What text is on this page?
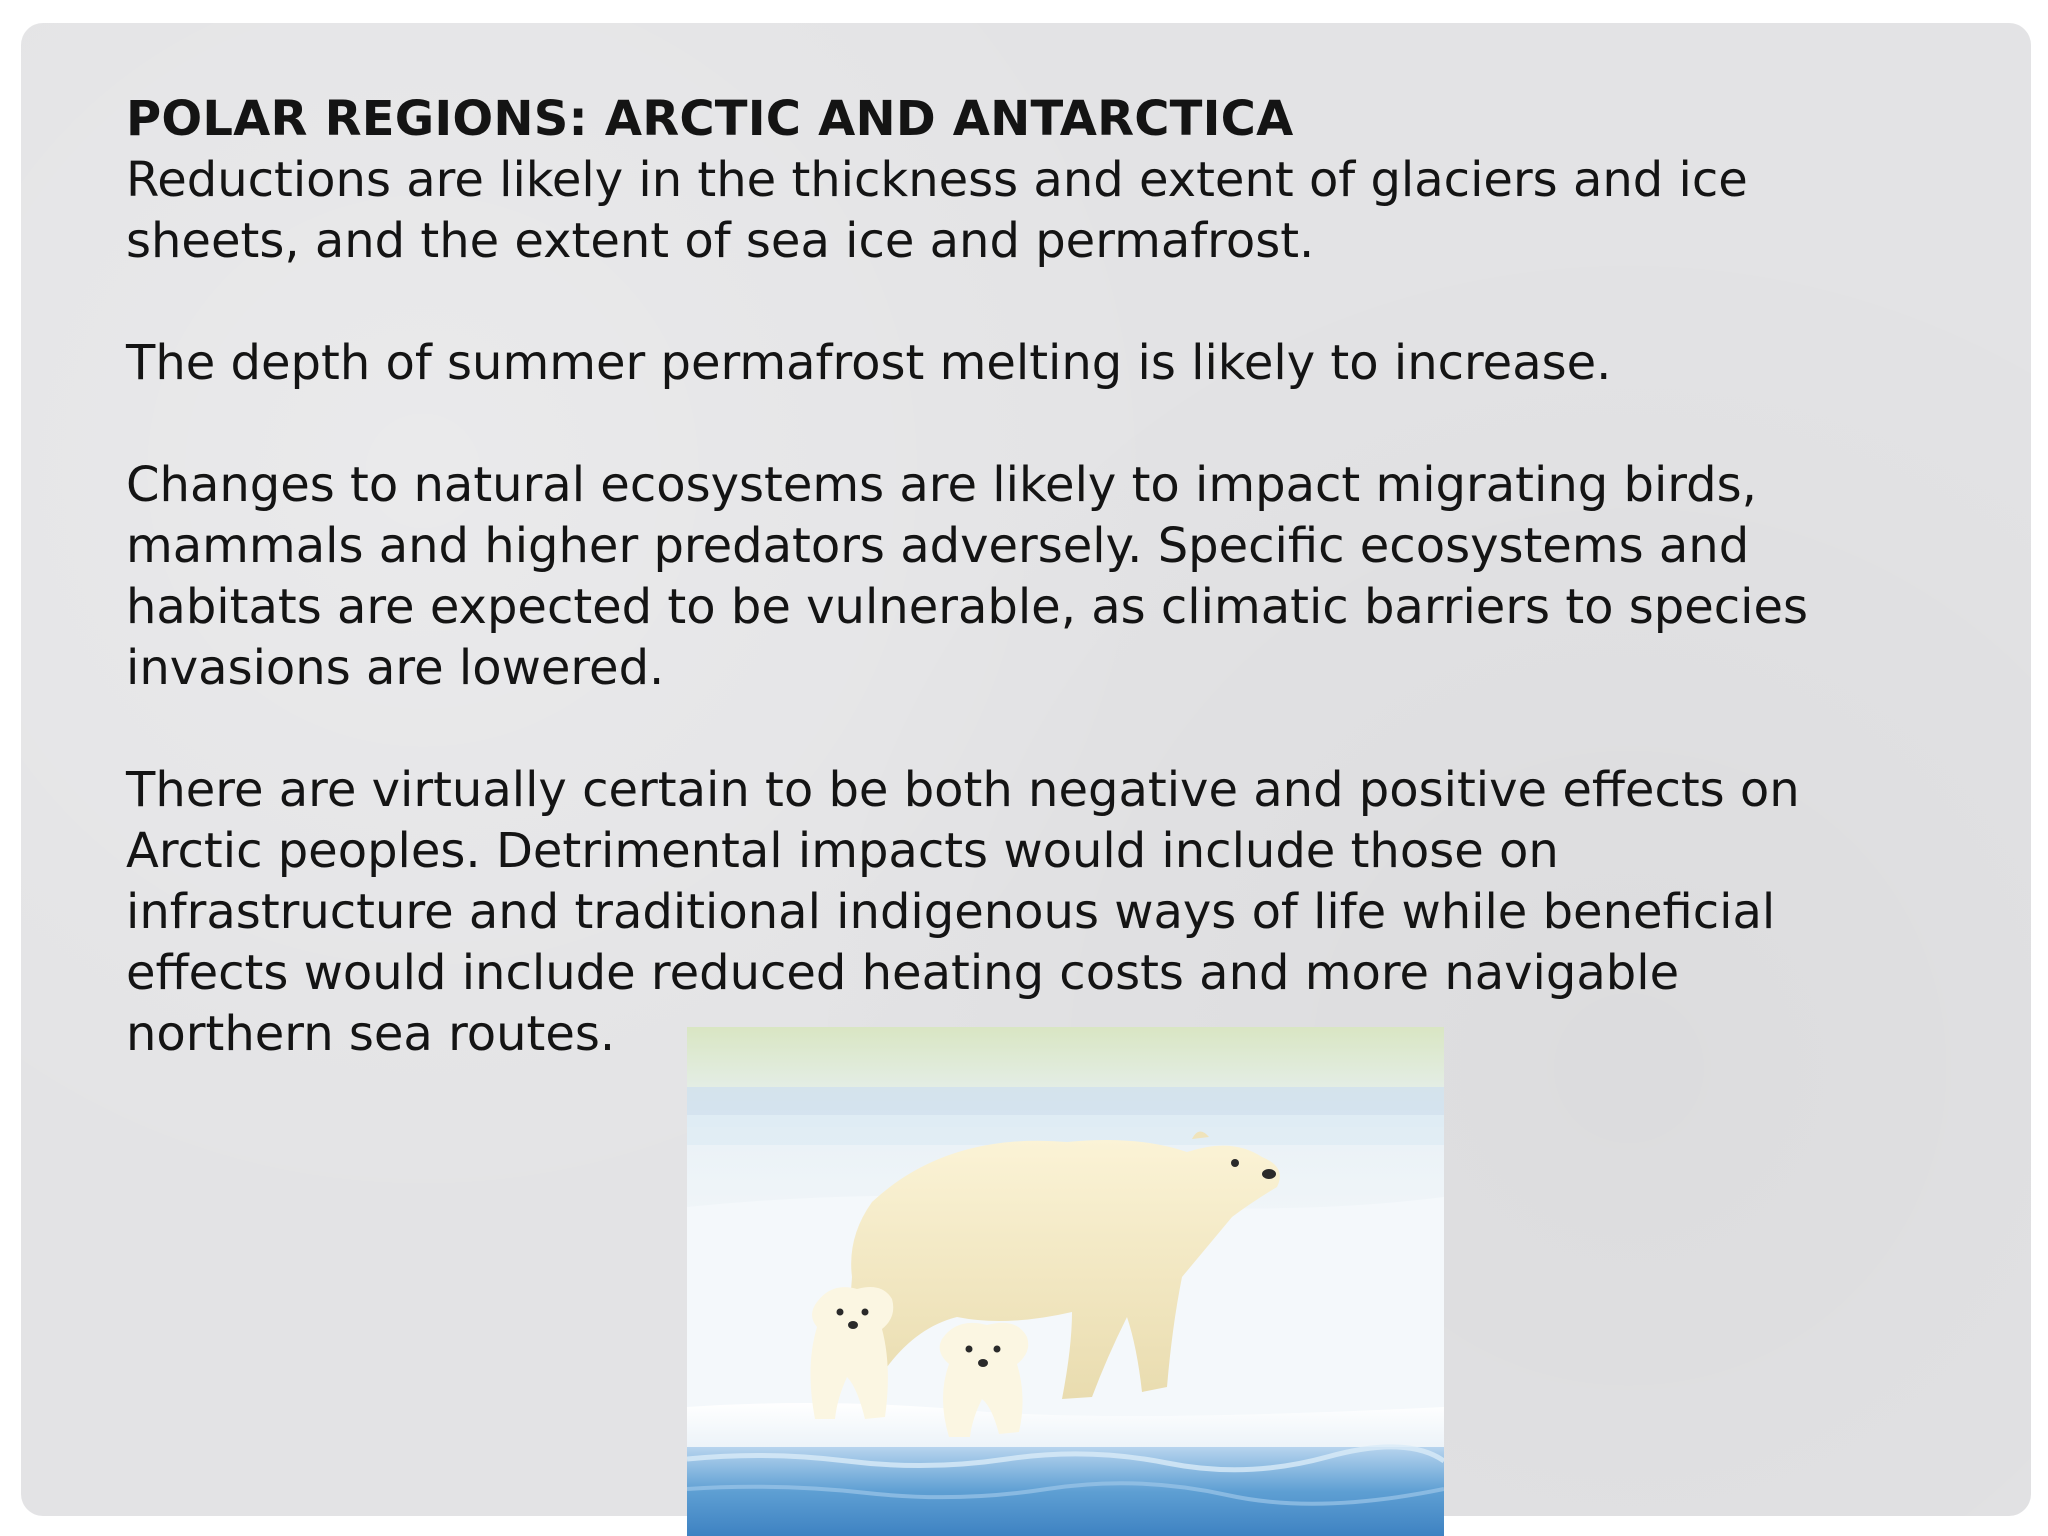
POLAR REGIONS: ARCTIC AND ANTARCTICA

Reductions are likely in the thickness and extent of glaciers and ice
sheets, and the extent of sea ice and permafrost.

The depth of summer permafrost melting is likely to increase.

Changes to natural ecosystems are likely to impact migrating birds,
mammals and higher predators adversely. Specific ecosystems and
habitats are expected to be vulnerable, as climatic barriers to species
invasions are lowered.

There are virtually certain to be both negative and positive effects on
Arctic peoples. Detrimental impacts would include those on
infrastructure and traditional indigenous ways of life while beneficial
effects would include reduced heating costs and more navigable
northern sea routes.
